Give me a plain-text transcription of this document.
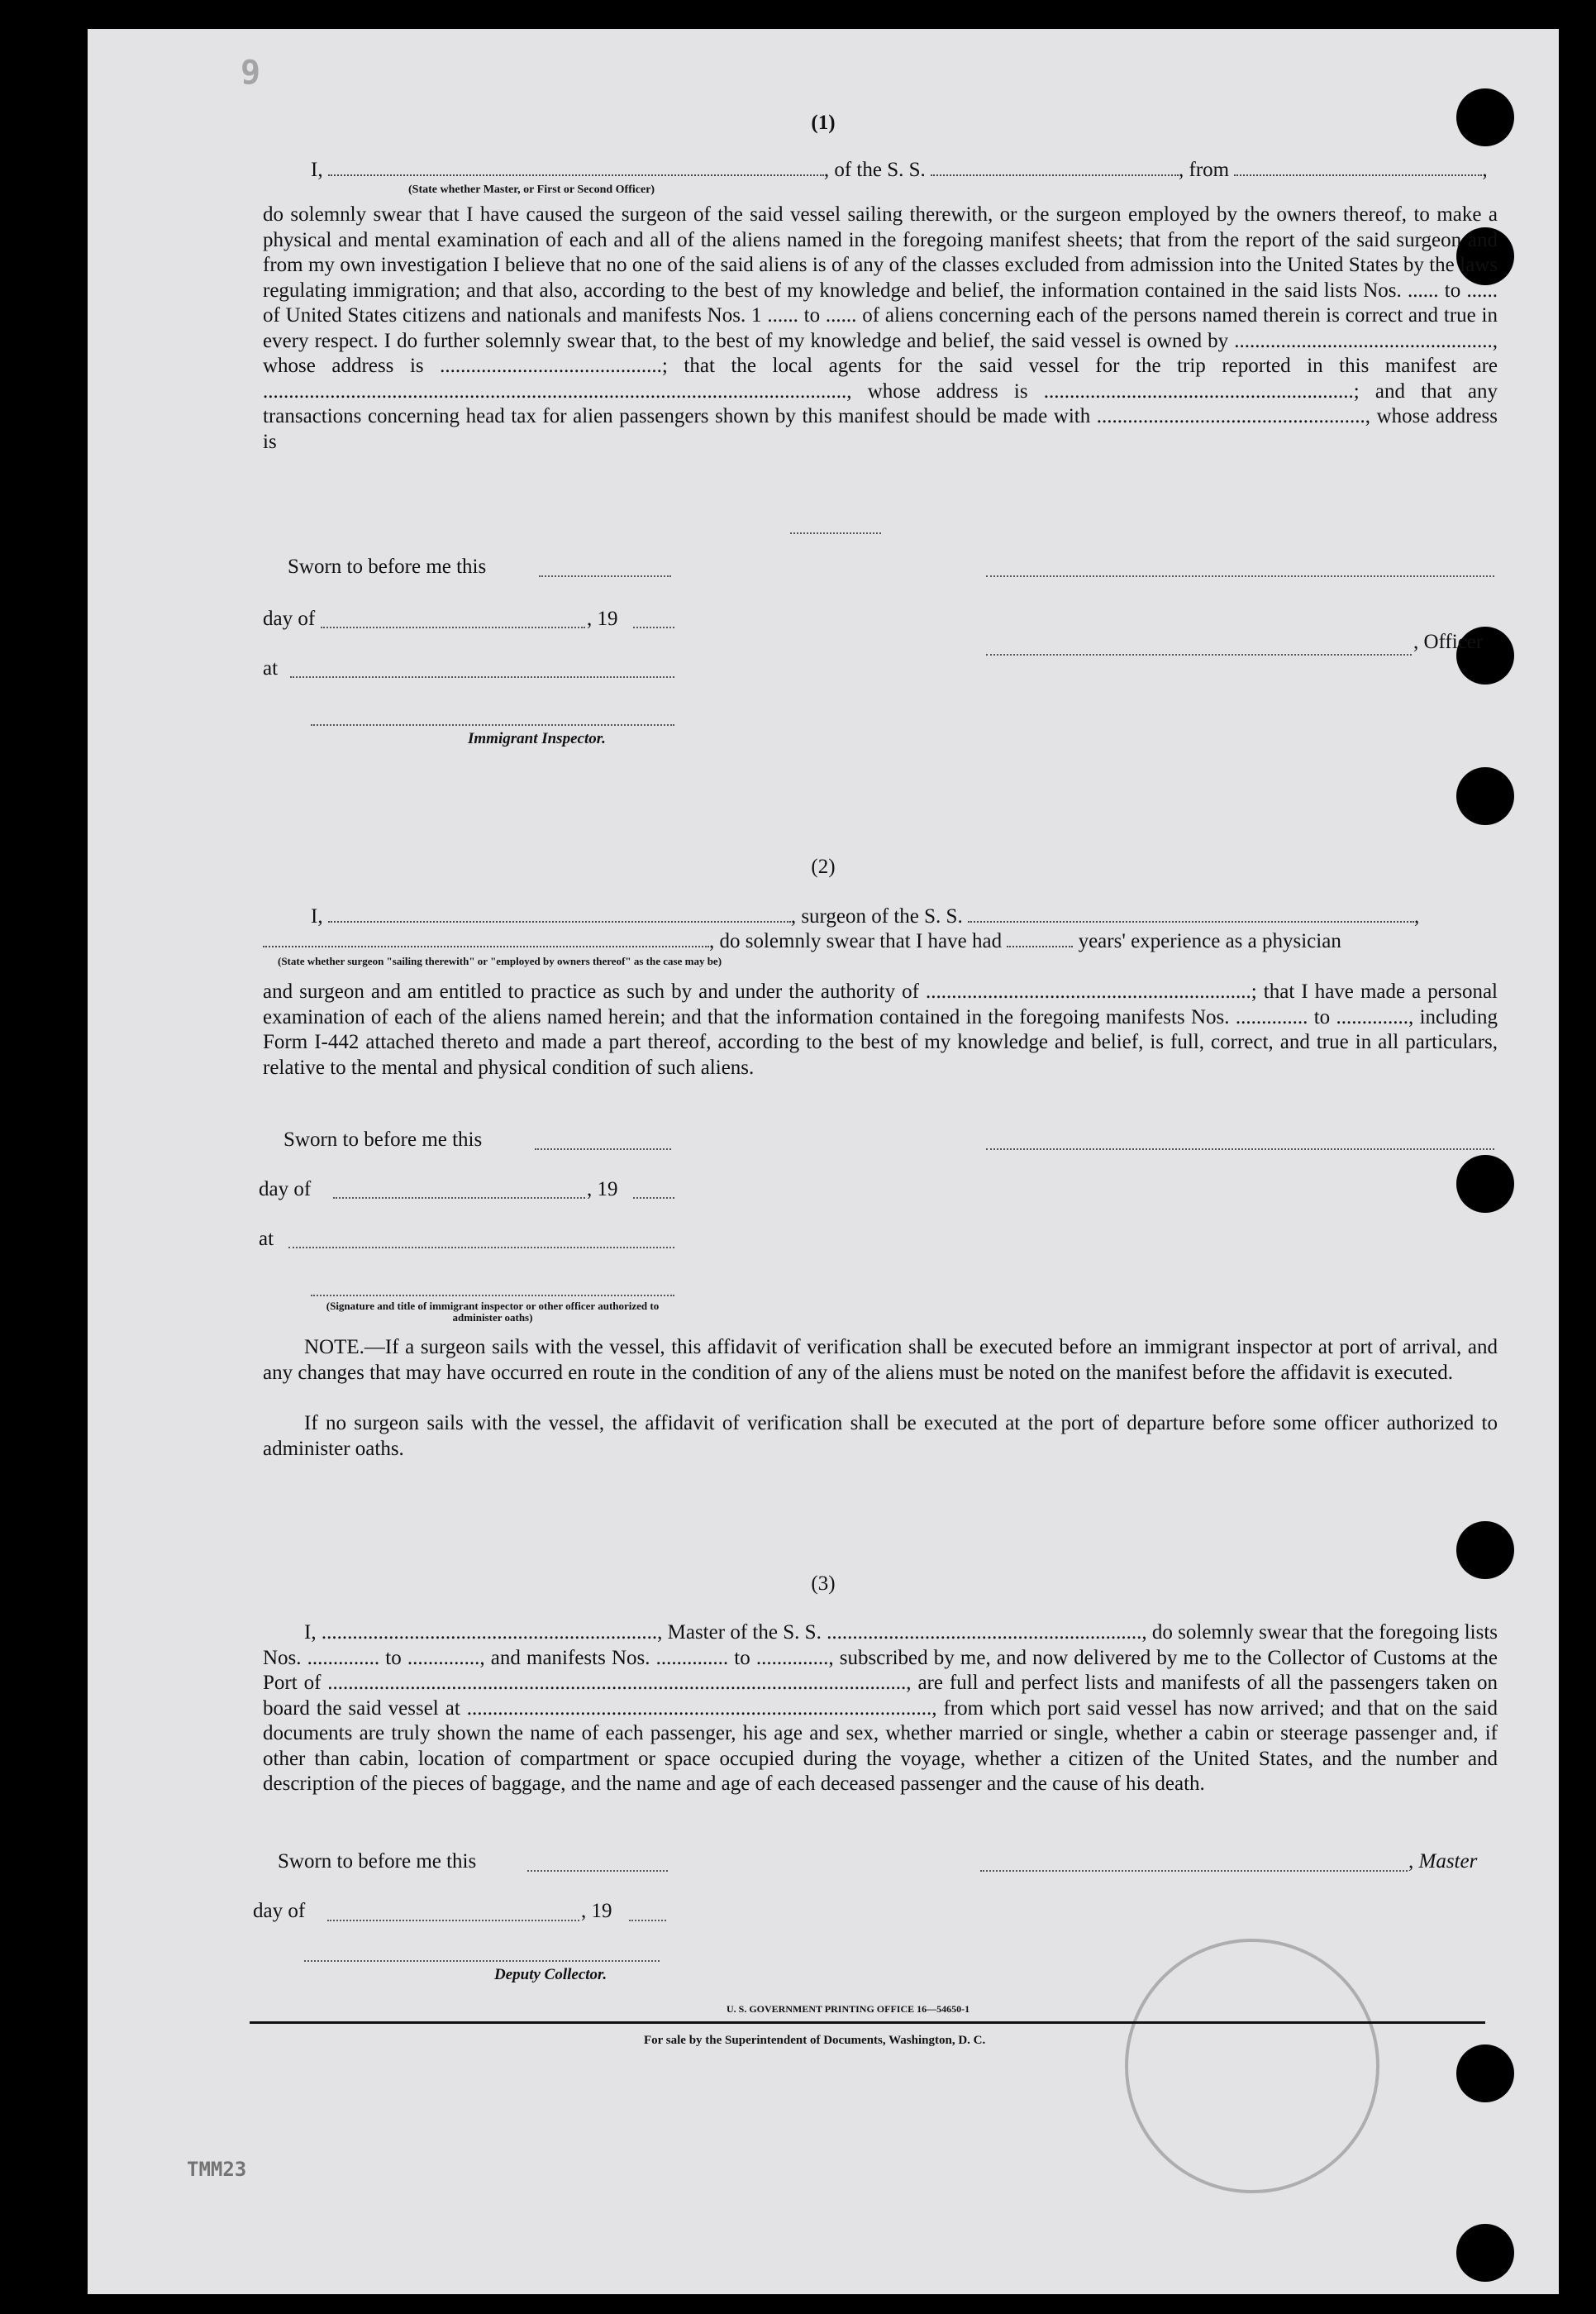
9
TMM23
(1)
I,	, of the S. S.	, from	,
(State whether Master, or First or Second Officer)
do solemnly swear that I have caused the surgeon of the said vessel sailing therewith, or the surgeon employed by the owners thereof, to make a physical and mental examination of each and all of the aliens named in the foregoing manifest sheets; that from the report of the said surgeon and from my own investigation I believe that no one of the said aliens is of any of the classes excluded from admission into the United States by the laws regulating immigration; and that also, according to the best of my knowledge and belief, the information contained in the said lists Nos. ...... to ...... of United States citizens and nationals and manifests Nos. 1 ...... to ...... of aliens concerning each of the persons named therein is correct and true in every respect. I do further solemnly swear that, to the best of my knowledge and belief, the said vessel is owned by .................................................., whose address is ...........................................; that the local agents for the said vessel for the trip reported in this manifest are ................................................................................................................., whose address is ............................................................; and that any transactions concerning head tax for alien passengers shown by this manifest should be made with ...................................................., whose address is
Sworn to before me this
day of	, 19
, Officer
at
Immigrant Inspector.
(2)
I,	, surgeon of the S. S.	,
, do solemnly swear that I have had	years' experience as a physician
(State whether surgeon "sailing therewith" or "employed by owners thereof" as the case may be)
and surgeon and am entitled to practice as such by and under the authority of ...............................................................; that I have made a personal examination of each of the aliens named herein; and that the information contained in the foregoing manifests Nos. .............. to .............., including Form I-442 attached thereto and made a part thereof, according to the best of my knowledge and belief, is full, correct, and true in all particulars, relative to the mental and physical condition of such aliens.
Sworn to before me this
day of	, 19
at
(Signature and title of immigrant inspector or other officer authorized to administer oaths)
NOTE.—If a surgeon sails with the vessel, this affidavit of verification shall be executed before an immigrant inspector at port of arrival, and any changes that may have occurred en route in the condition of any of the aliens must be noted on the manifest before the affidavit is executed.
If no surgeon sails with the vessel, the affidavit of verification shall be executed at the port of departure before some officer authorized to administer oaths.
(3)
I, ................................................................., Master of the S. S. ............................................................., do solemnly swear that the foregoing lists Nos. .............. to .............., and manifests Nos. .............. to .............., subscribed by me, and now delivered by me to the Collector of Customs at the Port of ................................................................................................................, are full and perfect lists and manifests of all the passengers taken on board the said vessel at .........................................................................................., from which port said vessel has now arrived; and that on the said documents are truly shown the name of each passenger, his age and sex, whether married or single, whether a cabin or steerage passenger and, if other than cabin, location of compartment or space occupied during the voyage, whether a citizen of the United States, and the number and description of the pieces of baggage, and the name and age of each deceased passenger and the cause of his death.
Sworn to before me this	, Master
day of	, 19
Deputy Collector.
U. S. GOVERNMENT PRINTING OFFICE 16—54650-1
For sale by the Superintendent of Documents, Washington, D. C.
